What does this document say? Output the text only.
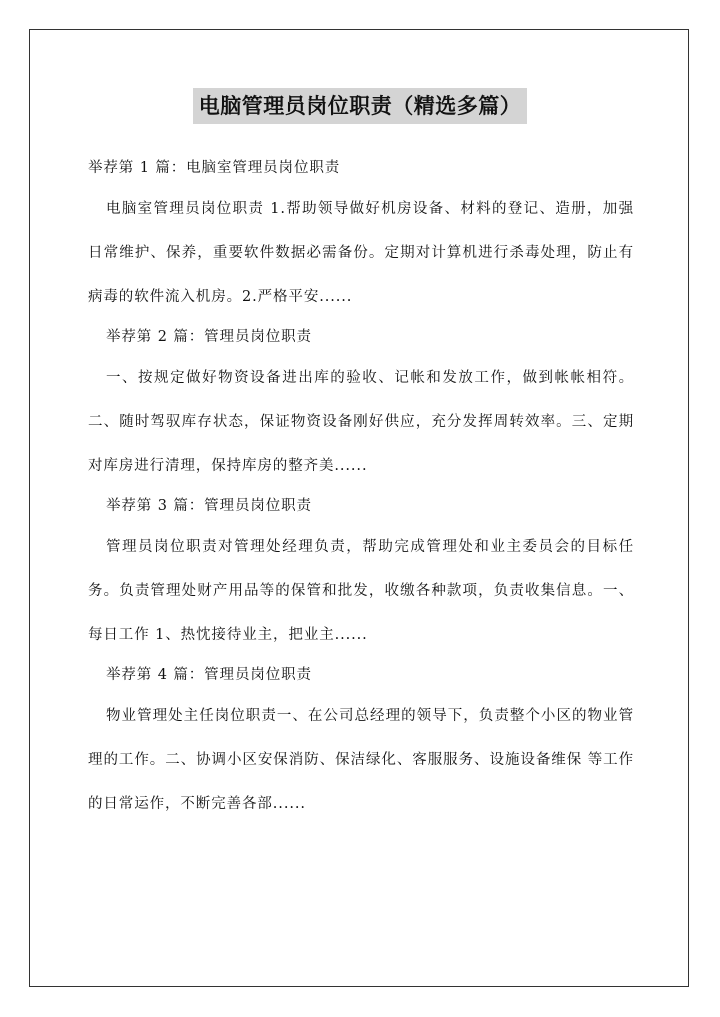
电脑管理员岗位职责（精选多篇）
举荐第 1 篇：电脑室管理员岗位职责
电脑室管理员岗位职责 1.帮助领导做好机房设备、材料的登记、造册，加强日常维护、保养，重要软件数据必需备份。定期对计算机进行杀毒处理，防止有病毒的软件流入机房。2.严格平安......
举荐第 2 篇：管理员岗位职责
一、按规定做好物资设备进出库的验收、记帐和发放工作，做到帐帐相符。二、随时驾驭库存状态，保证物资设备刚好供应，充分发挥周转效率。三、定期对库房进行清理，保持库房的整齐美......
举荐第 3 篇：管理员岗位职责
管理员岗位职责对管理处经理负责，帮助完成管理处和业主委员会的目标任务。负责管理处财产用品等的保管和批发，收缴各种款项，负责收集信息。一、每日工作 1、热忱接待业主，把业主......
举荐第 4 篇：管理员岗位职责
物业管理处主任岗位职责一、在公司总经理的领导下，负责整个小区的物业管理的工作。二、协调小区安保消防、保洁绿化、客服服务、设施设备维保 等工作的日常运作，不断完善各部......
